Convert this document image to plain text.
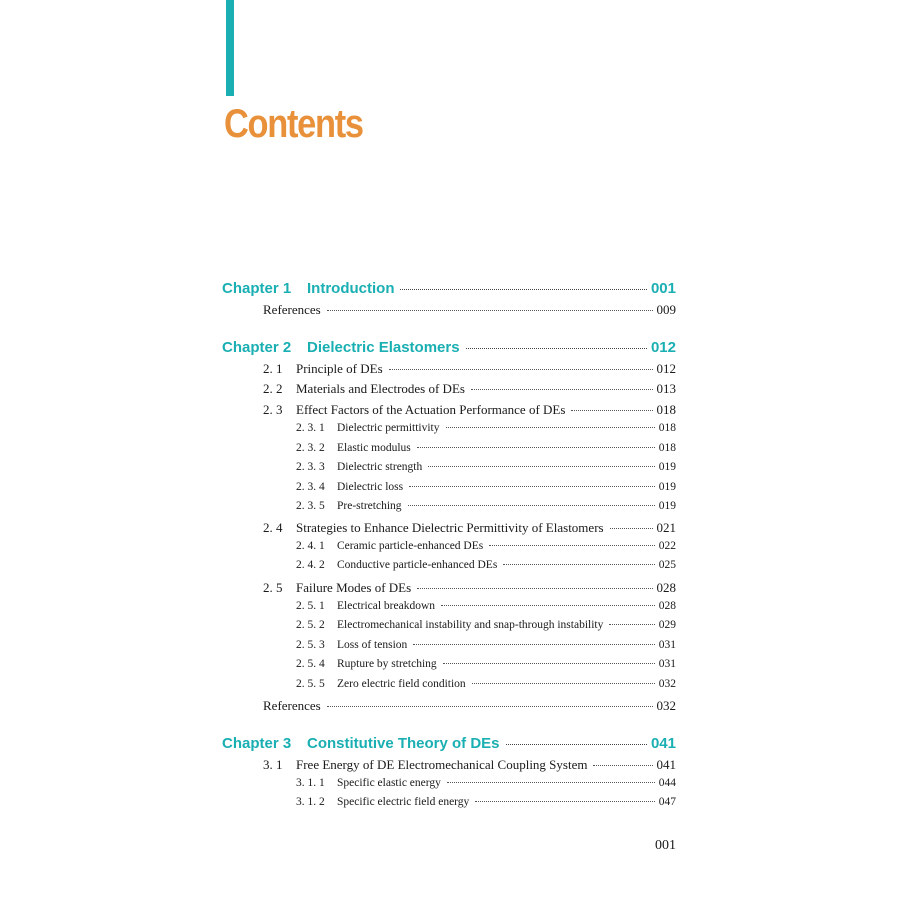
Contents
Chapter 1	Introduction	001
References	009
Chapter 2	Dielectric Elastomers	012
2. 1	Principle of DEs	012
2. 2	Materials and Electrodes of DEs	013
2. 3	Effect Factors of the Actuation Performance of DEs	018
2. 3. 1	Dielectric permittivity	018
2. 3. 2	Elastic modulus	018
2. 3. 3	Dielectric strength	019
2. 3. 4	Dielectric loss	019
2. 3. 5	Pre-stretching	019
2. 4	Strategies to Enhance Dielectric Permittivity of Elastomers	021
2. 4. 1	Ceramic particle-enhanced DEs	022
2. 4. 2	Conductive particle-enhanced DEs	025
2. 5	Failure Modes of DEs	028
2. 5. 1	Electrical breakdown	028
2. 5. 2	Electromechanical instability and snap-through instability	029
2. 5. 3	Loss of tension	031
2. 5. 4	Rupture by stretching	031
2. 5. 5	Zero electric field condition	032
References	032
Chapter 3	Constitutive Theory of DEs	041
3. 1	Free Energy of DE Electromechanical Coupling System	041
3. 1. 1	Specific elastic energy	044
3. 1. 2	Specific electric field energy	047
001
